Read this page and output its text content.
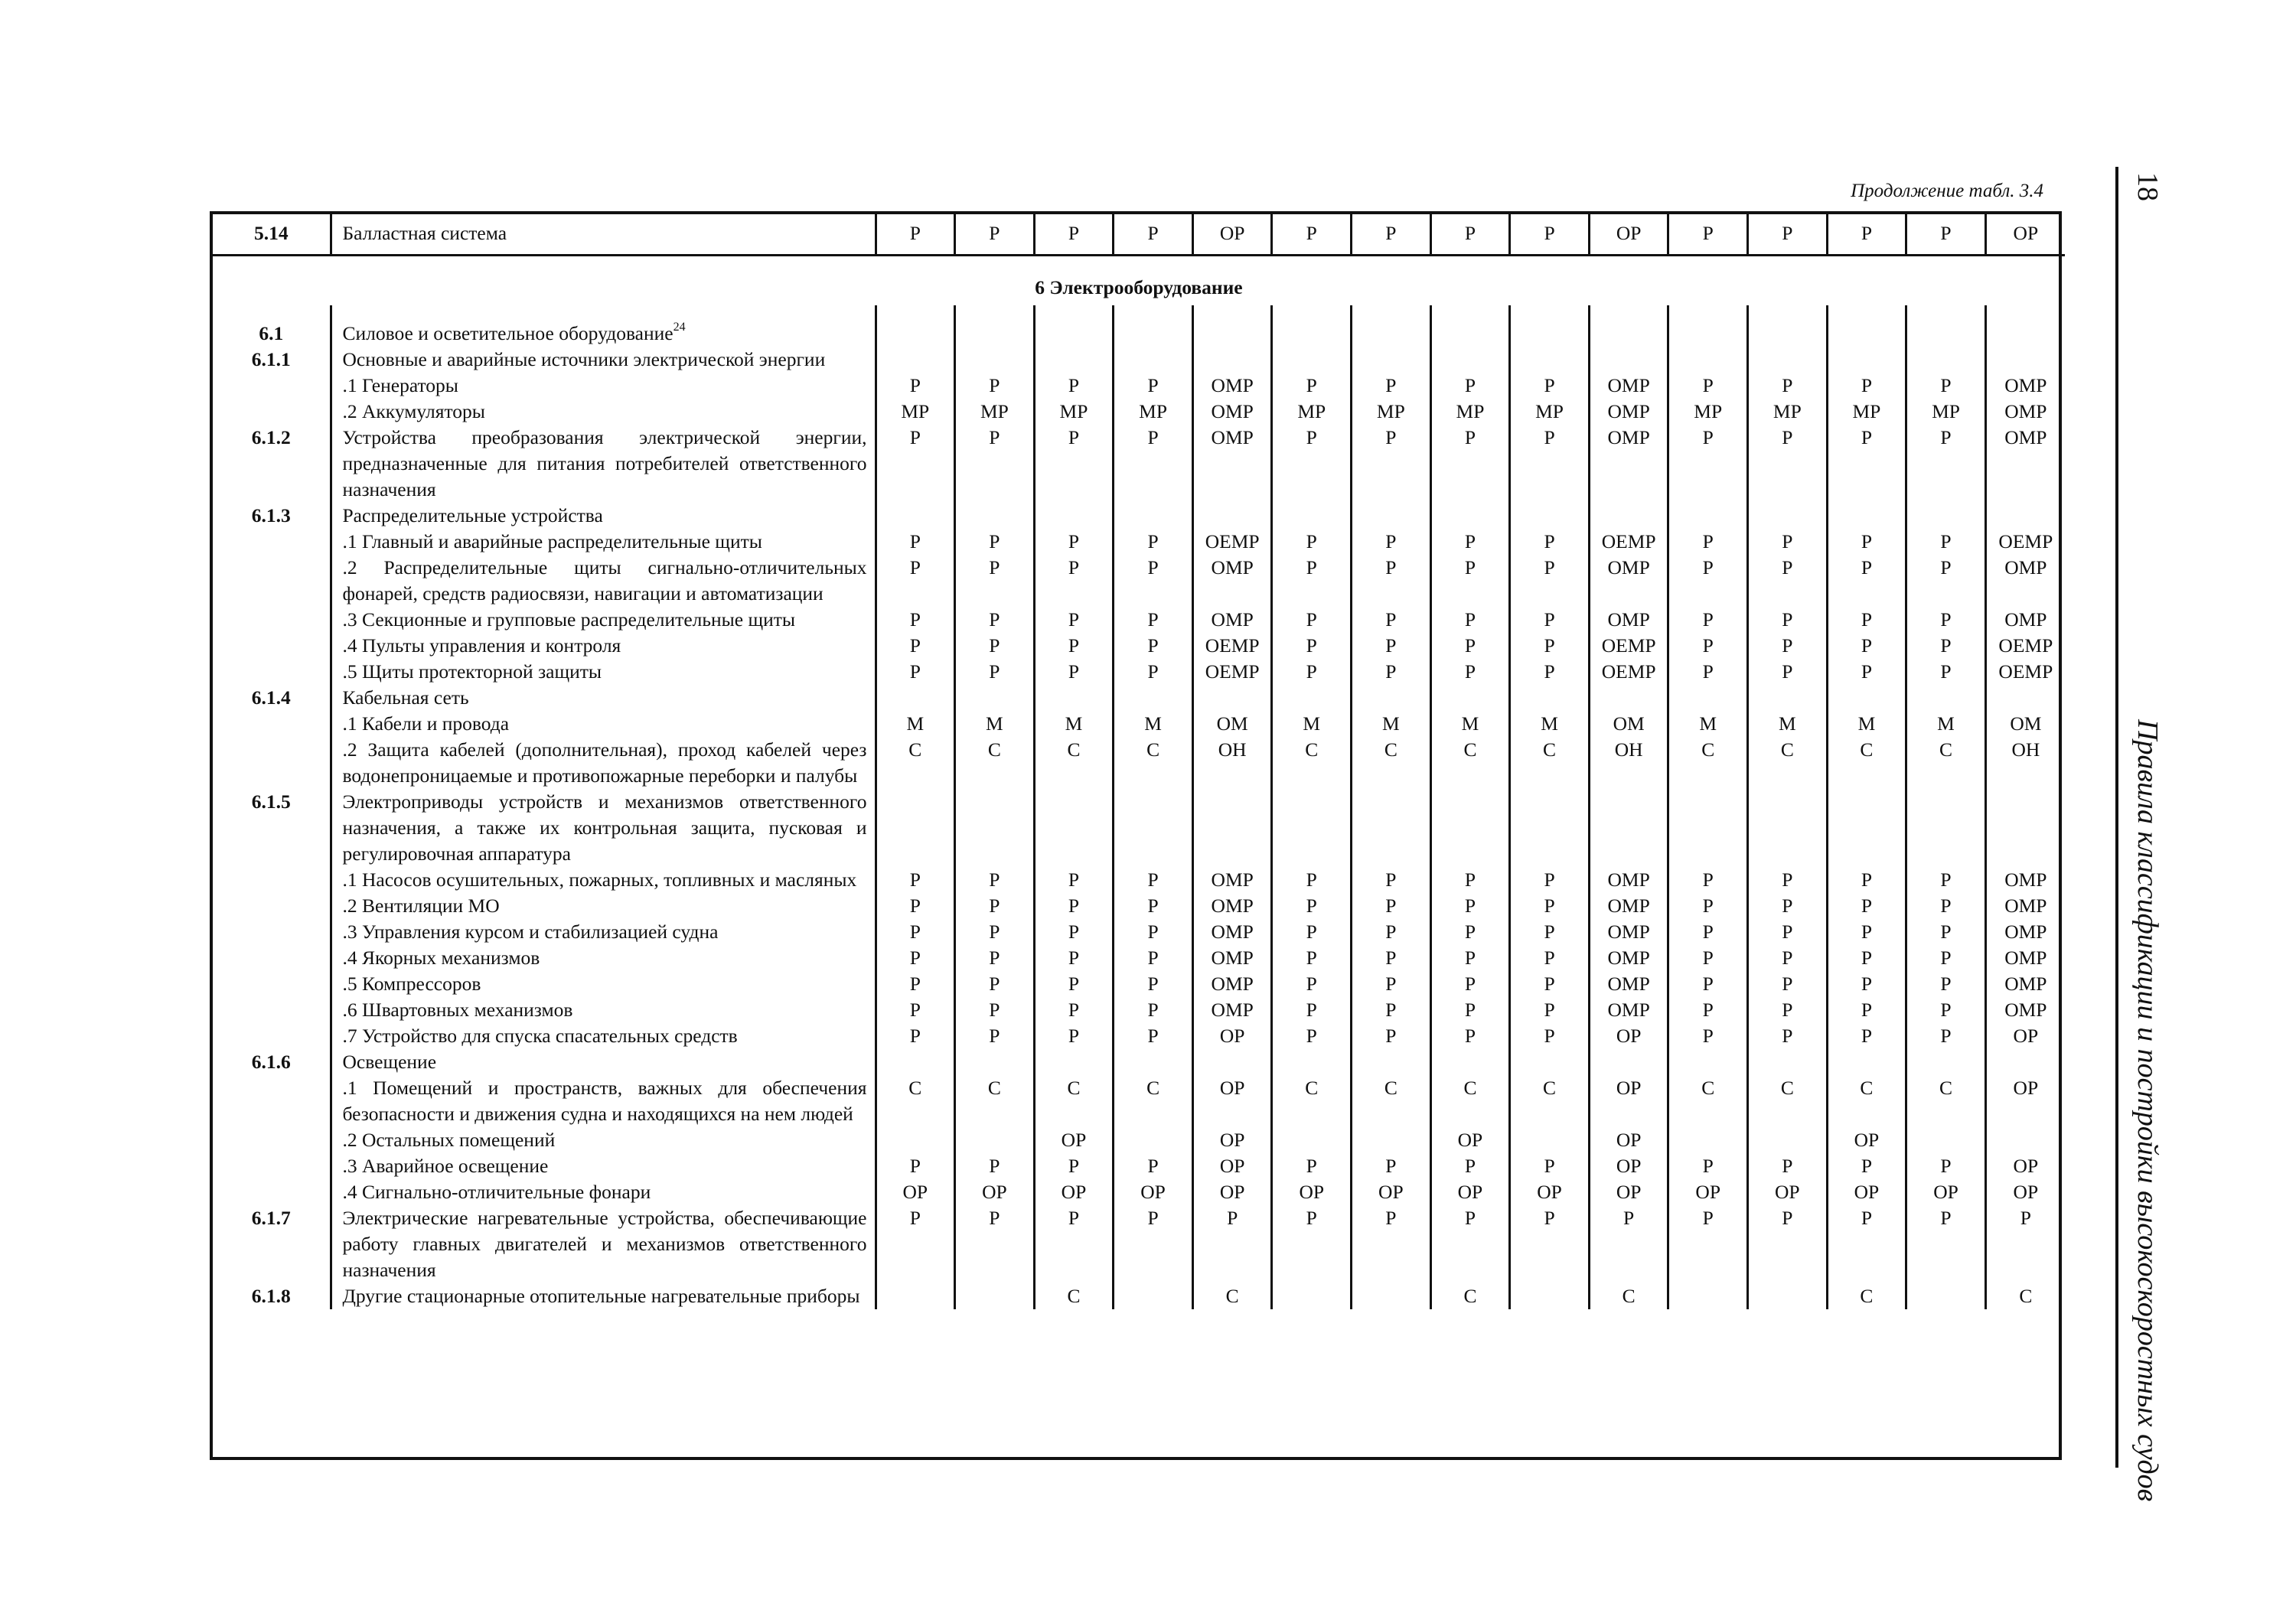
Продолжение табл. 3.4
5.14	Балластная система	Р	Р	Р	Р	ОР	Р	Р	Р	Р	ОР	Р	Р	Р	Р	ОР
6 Электрооборудование																

6.1	Силовое и осветительное оборудование$^{24}$															
6.1.1	Основные и аварийные источники электрической энергии															
	.1 Генераторы	Р	Р	Р	Р	ОМР	Р	Р	Р	Р	ОМР	Р	Р	Р	Р	ОМР
	.2 Аккумуляторы	МР	МР	МР	МР	ОМР	МР	МР	МР	МР	ОМР	МР	МР	МР	МР	ОМР
6.1.2	Устройства преобразования электрической энергии, предназначенные для питания потребителей ответственного назначения	Р	Р	Р	Р	ОМР	Р	Р	Р	Р	ОМР	Р	Р	Р	Р	ОМР
6.1.3	Распределительные устройства															
	.1 Главный и аварийные распределительные щиты	Р	Р	Р	Р	ОЕМР	Р	Р	Р	Р	ОЕМР	Р	Р	Р	Р	ОЕМР
	.2 Распределительные щиты сигнально-отличительных фонарей, средств радиосвязи, навигации и автоматизации	Р	Р	Р	Р	ОМР	Р	Р	Р	Р	ОМР	Р	Р	Р	Р	ОМР
	.3 Секционные и групповые распределительные щиты	Р	Р	Р	Р	ОМР	Р	Р	Р	Р	ОМР	Р	Р	Р	Р	ОМР
	.4 Пульты управления и контроля	Р	Р	Р	Р	ОЕМР	Р	Р	Р	Р	ОЕМР	Р	Р	Р	Р	ОЕМР
	.5 Щиты протекторной защиты	Р	Р	Р	Р	ОЕМР	Р	Р	Р	Р	ОЕМР	Р	Р	Р	Р	ОЕМР
6.1.4	Кабельная сеть															
	.1 Кабели и провода	М	М	М	М	ОМ	М	М	М	М	ОМ	М	М	М	М	ОМ
	.2 Защита кабелей (дополнительная), проход кабелей через водонепроницаемые и противопожарные переборки и палубы	С	С	С	С	ОН	С	С	С	С	ОН	С	С	С	С	ОН
6.1.5	Электроприводы устройств и механизмов ответственного назначения, а также их контрольная защита, пусковая и регулировочная аппаратура															
	.1 Насосов осушительных, пожарных, топливных и масляных	Р	Р	Р	Р	ОМР	Р	Р	Р	Р	ОМР	Р	Р	Р	Р	ОМР
	.2 Вентиляции МО	Р	Р	Р	Р	ОМР	Р	Р	Р	Р	ОМР	Р	Р	Р	Р	ОМР
	.3 Управления курсом и стабилизацией судна	Р	Р	Р	Р	ОМР	Р	Р	Р	Р	ОМР	Р	Р	Р	Р	ОМР
	.4 Якорных механизмов	Р	Р	Р	Р	ОМР	Р	Р	Р	Р	ОМР	Р	Р	Р	Р	ОМР
	.5 Компрессоров	Р	Р	Р	Р	ОМР	Р	Р	Р	Р	ОМР	Р	Р	Р	Р	ОМР
	.6 Швартовных механизмов	Р	Р	Р	Р	ОМР	Р	Р	Р	Р	ОМР	Р	Р	Р	Р	ОМР
	.7 Устройство для спуска спасательных средств	Р	Р	Р	Р	ОР	Р	Р	Р	Р	ОР	Р	Р	Р	Р	ОР
6.1.6	Освещение															
	.1 Помещений и пространств, важных для обеспечения безопасности и движения судна и находящихся на нем людей	С	С	С	С	ОР	С	С	С	С	ОР	С	С	С	С	ОР
	.2 Остальных помещений			ОР		ОР			ОР		ОР			ОР		
	.3 Аварийное освещение	Р	Р	Р	Р	ОР	Р	Р	Р	Р	ОР	Р	Р	Р	Р	ОР
	.4 Сигнально-отличительные фонари	ОР	ОР	ОР	ОР	ОР	ОР	ОР	ОР	ОР	ОР	ОР	ОР	ОР	ОР	ОР
6.1.7	Электрические нагревательные устройства, обеспечивающие работу главных двигателей и механизмов ответственного назначения	Р	Р	Р	Р	Р	Р	Р	Р	Р	Р	Р	Р	Р	Р	Р
6.1.8	Другие стационарные отопительные нагревательные приборы			С		С			С		С			С		С
18
Правила классификации и постройки высокоскоростных судов
